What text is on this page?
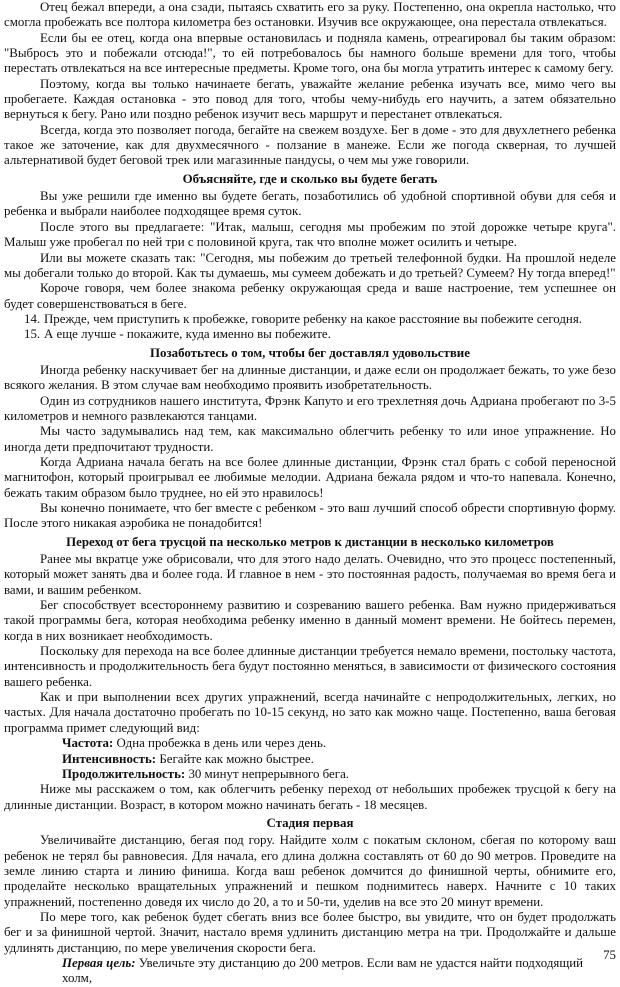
Отец бежал впереди, а она сзади, пытаясь схватить его за руку. Постепенно, она окрепла настолько, что смогла пробежать все полтора километра без остановки. Изучив все окружающее, она перестала отвлекаться.

Если бы ее отец, когда она впервые остановилась и подняла камень, отреагировал бы таким образом: "Выбросъ это и побежали отсюда!", то ей потребовалось бы намного больше времени для того, чтобы перестать отвлекаться на все интересные предметы. Кроме того, она бы могла утратить интерес к самому бегу.

Поэтому, когда вы только начинаете бегать, уважайте желание ребенка изучать все, мимо чего вы пробегаете. Каждая остановка - это повод для того, чтобы чему-нибудь его научить, а затем обязательно вернуться к бегу. Рано или поздно ребенок изучит весь маршрут и перестанет отвлекаться.

Всегда, когда это позволяет погода, бегайте на свежем воздухе. Бег в доме - это для двухлетнего ребенка такое же заточение, как для двухмесячного - ползание в манеже. Если же погода скверная, то лучшей альтернативой будет беговой трек или магазинные пандусы, о чем мы уже говорили.

Объясняйте, где и сколько вы будете бегать

Вы уже решили где именно вы будете бегать, позаботились об удобной спортивной обуви для себя и ребенка и выбрали наиболее подходящее время суток.

После этого вы предлагаете: "Итак, малыш, сегодня мы пробежим по этой дорожке четыре круга". Малыш уже пробегал по ней три с половиной круга, так что вполне может осилить и четыре.

Или вы можете сказать так: "Сегодня, мы побежим до третьей телефонной будки. На прошлой неделе мы добегали только до второй. Как ты думаешь, мы сумеем добежать и до третьей? Сумеем? Ну тогда вперед!"

Короче говоря, чем более знакома ребенку окружающая среда и ваше настроение, тем успешнее он будет совершенствоваться в беге.

14. Прежде, чем приступить к пробежке, говорите ребенку на какое расстояние вы побежите сегодня.

15. А еще лучше - покажите, куда именно вы побежите.

Позаботьтесь о том, чтобы бег доставлял удовольствие

Иногда ребенку наскучивает бег на длинные дистанции, и даже если он продолжает бежать, то уже безо всякого желания. В этом случае вам необходимо проявить изобретательность.

Один из сотрудников нашего института, Фрэнк Капуто и его трехлетняя дочь Адриана пробегают по 3-5 километров и немного развлекаются танцами.

Мы часто задумывались над тем, как максимально облегчить ребенку то или иное упражнение. Но иногда дети предпочитают трудности.

Когда Адриана начала бегать на все более длинные дистанции, Фрэнк стал брать с собой переносной магнитофон, который проигрывал ее любимые мелодии. Адриана бежала рядом и что-то напевала. Конечно, бежать таким образом было труднее, но ей это нравилось!

Вы конечно понимаете, что бег вместе с ребенком - это ваш лучший способ обрести спортивную форму. После этого никакая аэробика не понадобится!

Переход от бега трусцой па несколько метров к дистанции в несколько километров

Ранее мы вкратце уже обрисовали, что для этого надо делать. Очевидно, что это процесс постепенный, который может занять два и более года. И главное в нем - это постоянная радость, получаемая во время бега и вами, и вашим ребенком.

Бег способствует всестороннему развитию и созреванию вашего ребенка. Вам нужно придерживаться такой программы бега, которая необходима ребенку именно в данный момент времени. Не бойтесь перемен, когда в них возникает необходимость.

Поскольку для перехода на все более длинные дистанции требуется немало времени, постольку частота, интенсивность и продолжительность бега будут постоянно меняться, в зависимости от физического состояния вашего ребенка.

Как и при выполнении всех других упражнений, всегда начинайте с непродолжительных, легких, но частых. Для начала достаточно пробегать по 10-15 секунд, но зато как можно чаще. Постепенно, ваша беговая программа примет следующий вид:

Частота: Одна пробежка в день или через день.

Интенсивность: Бегайте как можно быстрее.

Продолжительность: 30 минут непрерывного бега.

Ниже мы расскажем о том, как облегчить ребенку переход от небольших пробежек трусцой к бегу на длинные дистанции. Возраст, в котором можно начинать бегать - 18 месяцев.

Стадия первая

Увеличивайте дистанцию, бегая под гору. Найдите холм с покатым склоном, сбегая по которому ваш ребенок не терял бы равновесия. Для начала, его длина должна составлять от 60 до 90 метров. Проведите на земле линию старта и линию финиша. Когда ваш ребенок домчится до финишной черты, обнимите его, проделайте несколько вращательных упражнений и пешком поднимитесь наверх. Начните с 10 таких упражнений, постепенно доведя их число до 20, а то и 50-ти, уделив на все это 20 минут времени.

По мере того, как ребенок будет сбегать вниз все более быстро, вы увидите, что он будет продолжать бег и за финишной чертой. Значит, настало время удлинить дистанцию метра на три. Продолжайте и дальше удлинять дистанцию, по мере увеличения скорости бега.

Первая цель: Увеличьте эту дистанцию до 200 метров. Если вам не удастся найти подходящий холм,

75
